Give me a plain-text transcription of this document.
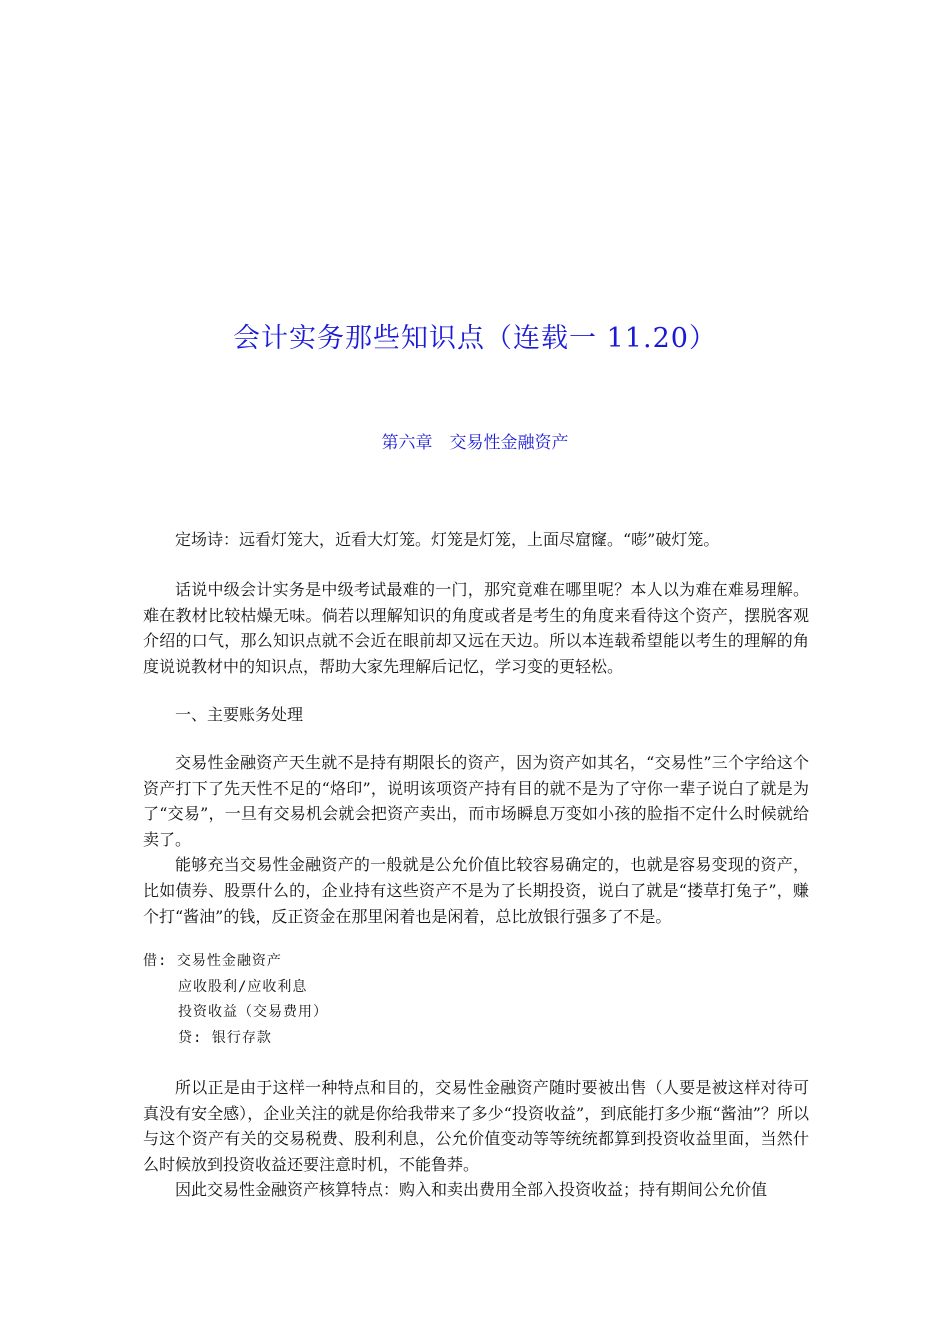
会计实务那些知识点（连载一 11.20）
第六章　交易性金融资产

定场诗：远看灯笼大，近看大灯笼。灯笼是灯笼，上面尽窟窿。“嘭”破灯笼。

话说中级会计实务是中级考试最难的一门，那究竟难在哪里呢？本人以为难在难易理解。难在教材比较枯燥无味。倘若以理解知识的角度或者是考生的角度来看待这个资产，摆脱客观介绍的口气，那么知识点就不会近在眼前却又远在天边。所以本连载希望能以考生的理解的角度说说教材中的知识点，帮助大家先理解后记忆，学习变的更轻松。

一、主要账务处理

交易性金融资产天生就不是持有期限长的资产，因为资产如其名，“交易性”三个字给这个资产打下了先天性不足的“烙印”，说明该项资产持有目的就不是为了守你一辈子说白了就是为了“交易”，一旦有交易机会就会把资产卖出，而市场瞬息万变如小孩的脸指不定什么时候就给卖了。

能够充当交易性金融资产的一般就是公允价值比较容易确定的，也就是容易变现的资产，比如债券、股票什么的，企业持有这些资产不是为了长期投资，说白了就是“搂草打兔子”，赚个打“酱油”的钱，反正资金在那里闲着也是闲着，总比放银行强多了不是。

借: 交易性金融资产
应收股利/应收利息
投资收益（交易费用）
贷: 银行存款

所以正是由于这样一种特点和目的，交易性金融资产随时要被出售（人要是被这样对待可真没有安全感），企业关注的就是你给我带来了多少“投资收益”，到底能打多少瓶“酱油”？所以与这个资产有关的交易税费、股利利息，公允价值变动等等统统都算到投资收益里面，当然什么时候放到投资收益还要注意时机，不能鲁莽。

因此交易性金融资产核算特点：购入和卖出费用全部入投资收益；持有期间公允价值
